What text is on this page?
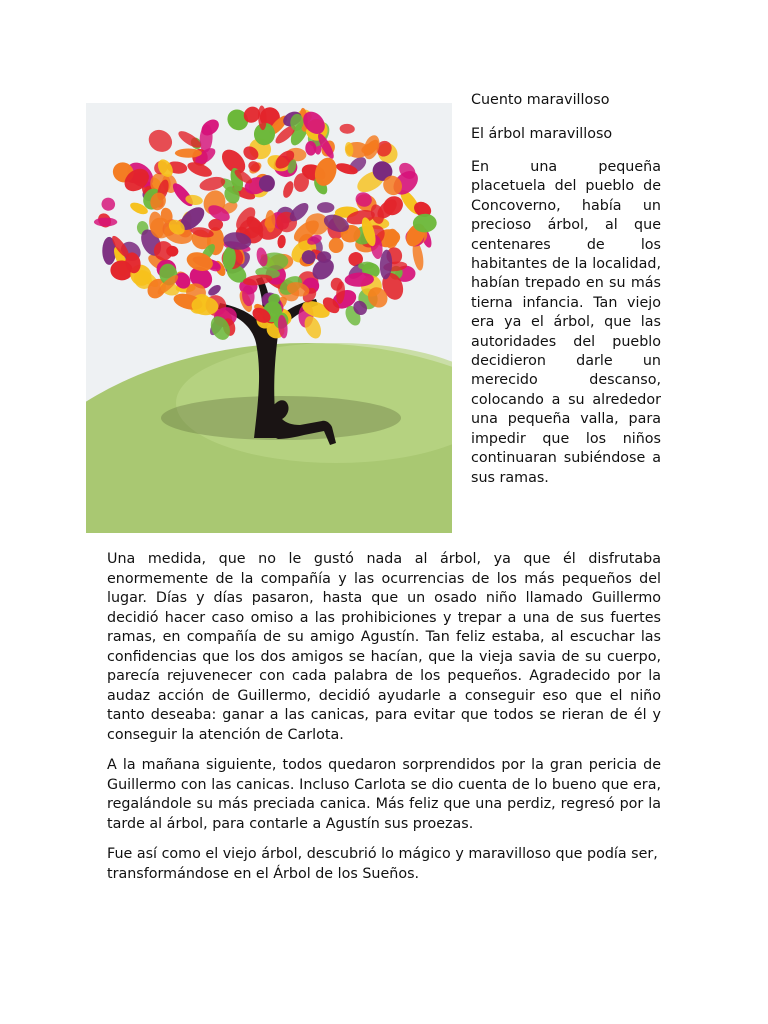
Cuento maravilloso
El árbol maravilloso

En una pequeña placetuela del pueblo de Concoverno, había un precioso árbol, al que centenares de los habitantes de la localidad, habían trepado en su más tierna infancia. Tan viejo era ya el árbol, que las autoridades del pueblo decidieron darle un merecido descanso, colocando a su alrededor una pequeña valla, para impedir que los niños continuaran subiéndose a sus ramas.

Una medida, que no le gustó nada al árbol, ya que él disfrutaba enormemente de la compañía y las ocurrencias de los más pequeños del lugar. Días y días pasaron, hasta que un osado niño llamado Guillermo decidió hacer caso omiso a las prohibiciones y trepar a una de sus fuertes ramas, en compañía de su amigo Agustín. Tan feliz estaba, al escuchar las confidencias que los dos amigos se hacían, que la vieja savia de su cuerpo, parecía rejuvenecer con cada palabra de los pequeños. Agradecido por la audaz acción de Guillermo, decidió ayudarle a conseguir eso que el niño tanto deseaba: ganar a las canicas, para evitar que todos se rieran de él y conseguir la atención de Carlota.

A la mañana siguiente, todos quedaron sorprendidos por la gran pericia de Guillermo con las canicas. Incluso Carlota se dio cuenta de lo bueno que era, regalándole su más preciada canica. Más feliz que una perdiz, regresó por la tarde al árbol, para contarle a Agustín sus proezas.

Fue así como el viejo árbol, descubrió lo mágico y maravilloso que podía ser, transformándose en el Árbol de los Sueños.
